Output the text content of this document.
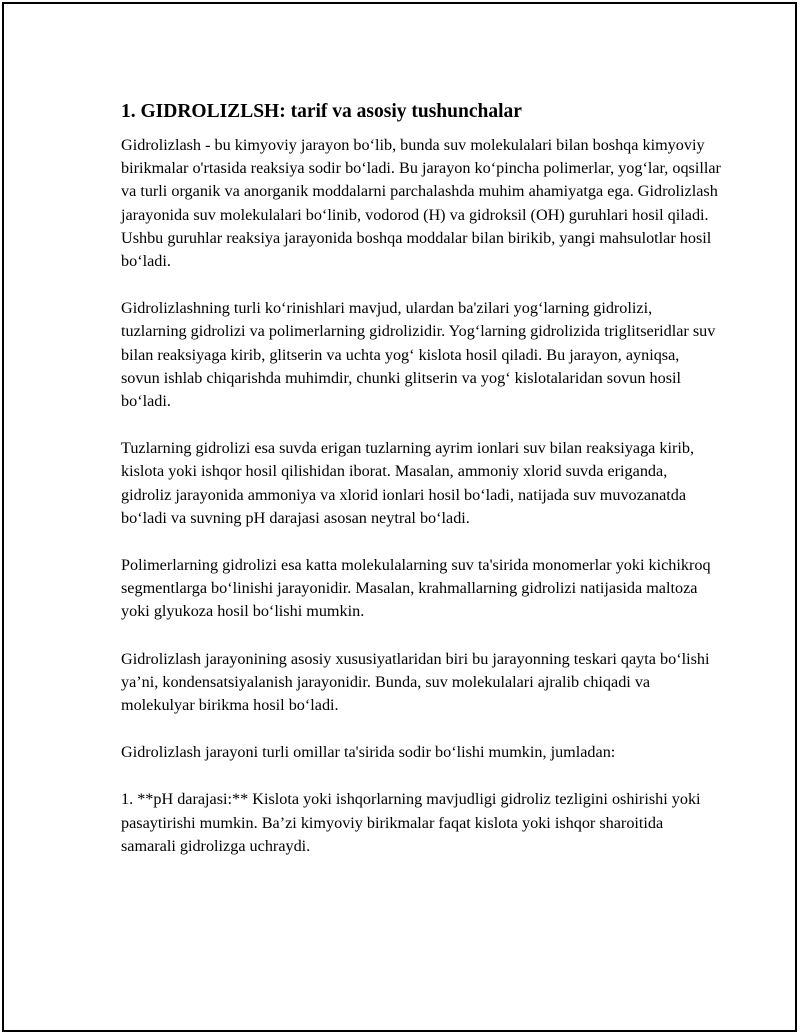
1. GIDROLIZLSH: tarif va asosiy tushunchalar

Gidrolizlash - bu kimyoviy jarayon bo‘lib, bunda suv molekulalari bilan boshqa kimyoviy birikmalar o'rtasida reaksiya sodir bo‘ladi. Bu jarayon ko‘pincha polimerlar, yog‘lar, oqsillar va turli organik va anorganik moddalarni parchalashda muhim ahamiyatga ega. Gidrolizlash jarayonida suv molekulalari bo‘linib, vodorod (H) va gidroksil (OH) guruhlari hosil qiladi. Ushbu guruhlar reaksiya jarayonida boshqa moddalar bilan birikib, yangi mahsulotlar hosil bo‘ladi.

Gidrolizlashning turli ko‘rinishlari mavjud, ulardan ba'zilari yog‘larning gidrolizi, tuzlarning gidrolizi va polimerlarning gidrolizidir. Yog‘larning gidrolizida triglitseridlar suv bilan reaksiyaga kirib, glitserin va uchta yog‘ kislota hosil qiladi. Bu jarayon, ayniqsa, sovun ishlab chiqarishda muhimdir, chunki glitserin va yog‘ kislotalaridan sovun hosil bo‘ladi.

Tuzlarning gidrolizi esa suvda erigan tuzlarning ayrim ionlari suv bilan reaksiyaga kirib, kislota yoki ishqor hosil qilishidan iborat. Masalan, ammoniy xlorid suvda eriganda, gidroliz jarayonida ammoniya va xlorid ionlari hosil bo‘ladi, natijada suv muvozanatda bo‘ladi va suvning pH darajasi asosan neytral bo‘ladi.

Polimerlarning gidrolizi esa katta molekulalarning suv ta'sirida monomerlar yoki kichikroq segmentlarga bo‘linishi jarayonidir. Masalan, krahmallarning gidrolizi natijasida maltoza yoki glyukoza hosil bo‘lishi mumkin.

Gidrolizlash jarayonining asosiy xususiyatlaridan biri bu jarayonning teskari qayta bo‘lishi ya’ni, kondensatsiyalanish jarayonidir. Bunda, suv molekulalari ajralib chiqadi va molekulyar birikma hosil bo‘ladi.

Gidrolizlash jarayoni turli omillar ta'sirida sodir bo‘lishi mumkin, jumladan:

1. **pH darajasi:** Kislota yoki ishqorlarning mavjudligi gidroliz tezligini oshirishi yoki pasaytirishi mumkin. Ba’zi kimyoviy birikmalar faqat kislota yoki ishqor sharoitida samarali gidrolizga uchraydi.
